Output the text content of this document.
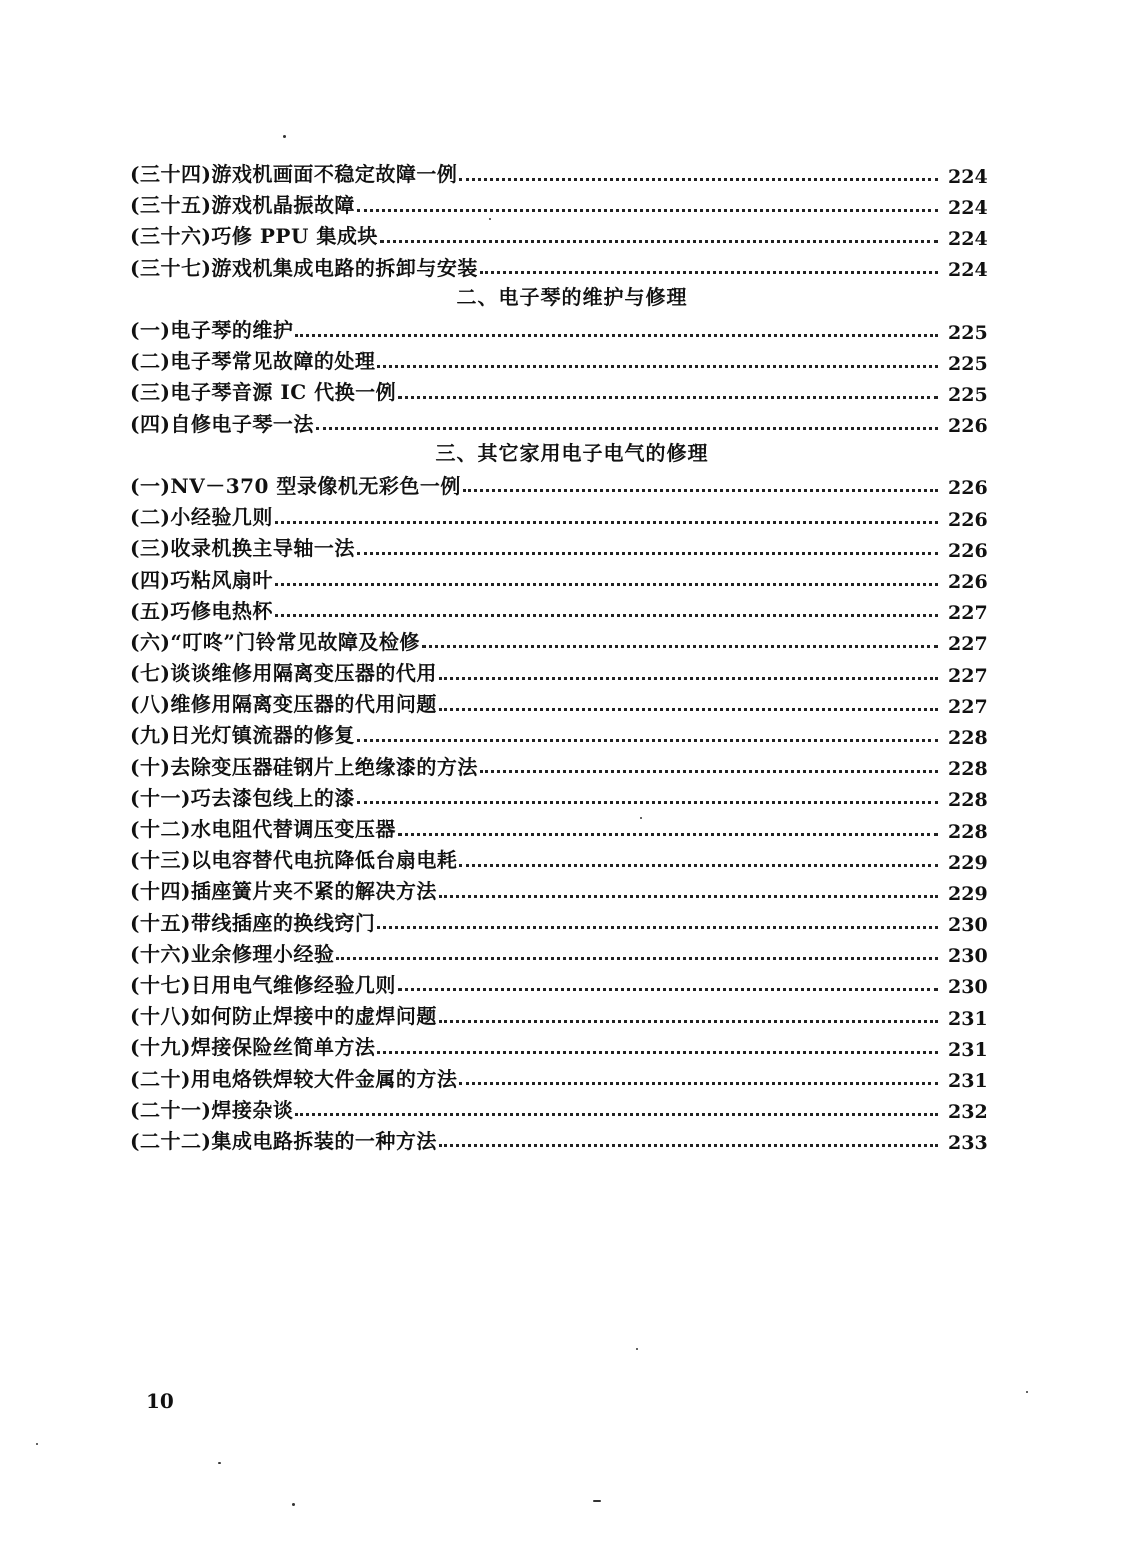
(三十四)游戏机画面不稳定故障一例	224
(三十五)游戏机晶振故障	224
(三十六)巧修 PPU 集成块	224
(三十七)游戏机集成电路的拆卸与安装	224
二、电子琴的维护与修理
(一)电子琴的维护	225
(二)电子琴常见故障的处理	225
(三)电子琴音源 IC 代换一例	225
(四)自修电子琴一法	226
三、其它家用电子电气的修理
(一)NV－370 型录像机无彩色一例	226
(二)小经验几则	226
(三)收录机换主导轴一法	226
(四)巧粘风扇叶	226
(五)巧修电热杯	227
(六)“叮咚”门铃常见故障及检修	227
(七)谈谈维修用隔离变压器的代用	227
(八)维修用隔离变压器的代用问题	227
(九)日光灯镇流器的修复	228
(十)去除变压器硅钢片上绝缘漆的方法	228
(十一)巧去漆包线上的漆	228
(十二)水电阻代替调压变压器	228
(十三)以电容替代电抗降低台扇电耗	229
(十四)插座簧片夹不紧的解决方法	229
(十五)带线插座的换线窍门	230
(十六)业余修理小经验	230
(十七)日用电气维修经验几则	230
(十八)如何防止焊接中的虚焊问题	231
(十九)焊接保险丝简单方法	231
(二十)用电烙铁焊较大件金属的方法	231
(二十一)焊接杂谈	232
(二十二)集成电路拆装的一种方法	233
10
